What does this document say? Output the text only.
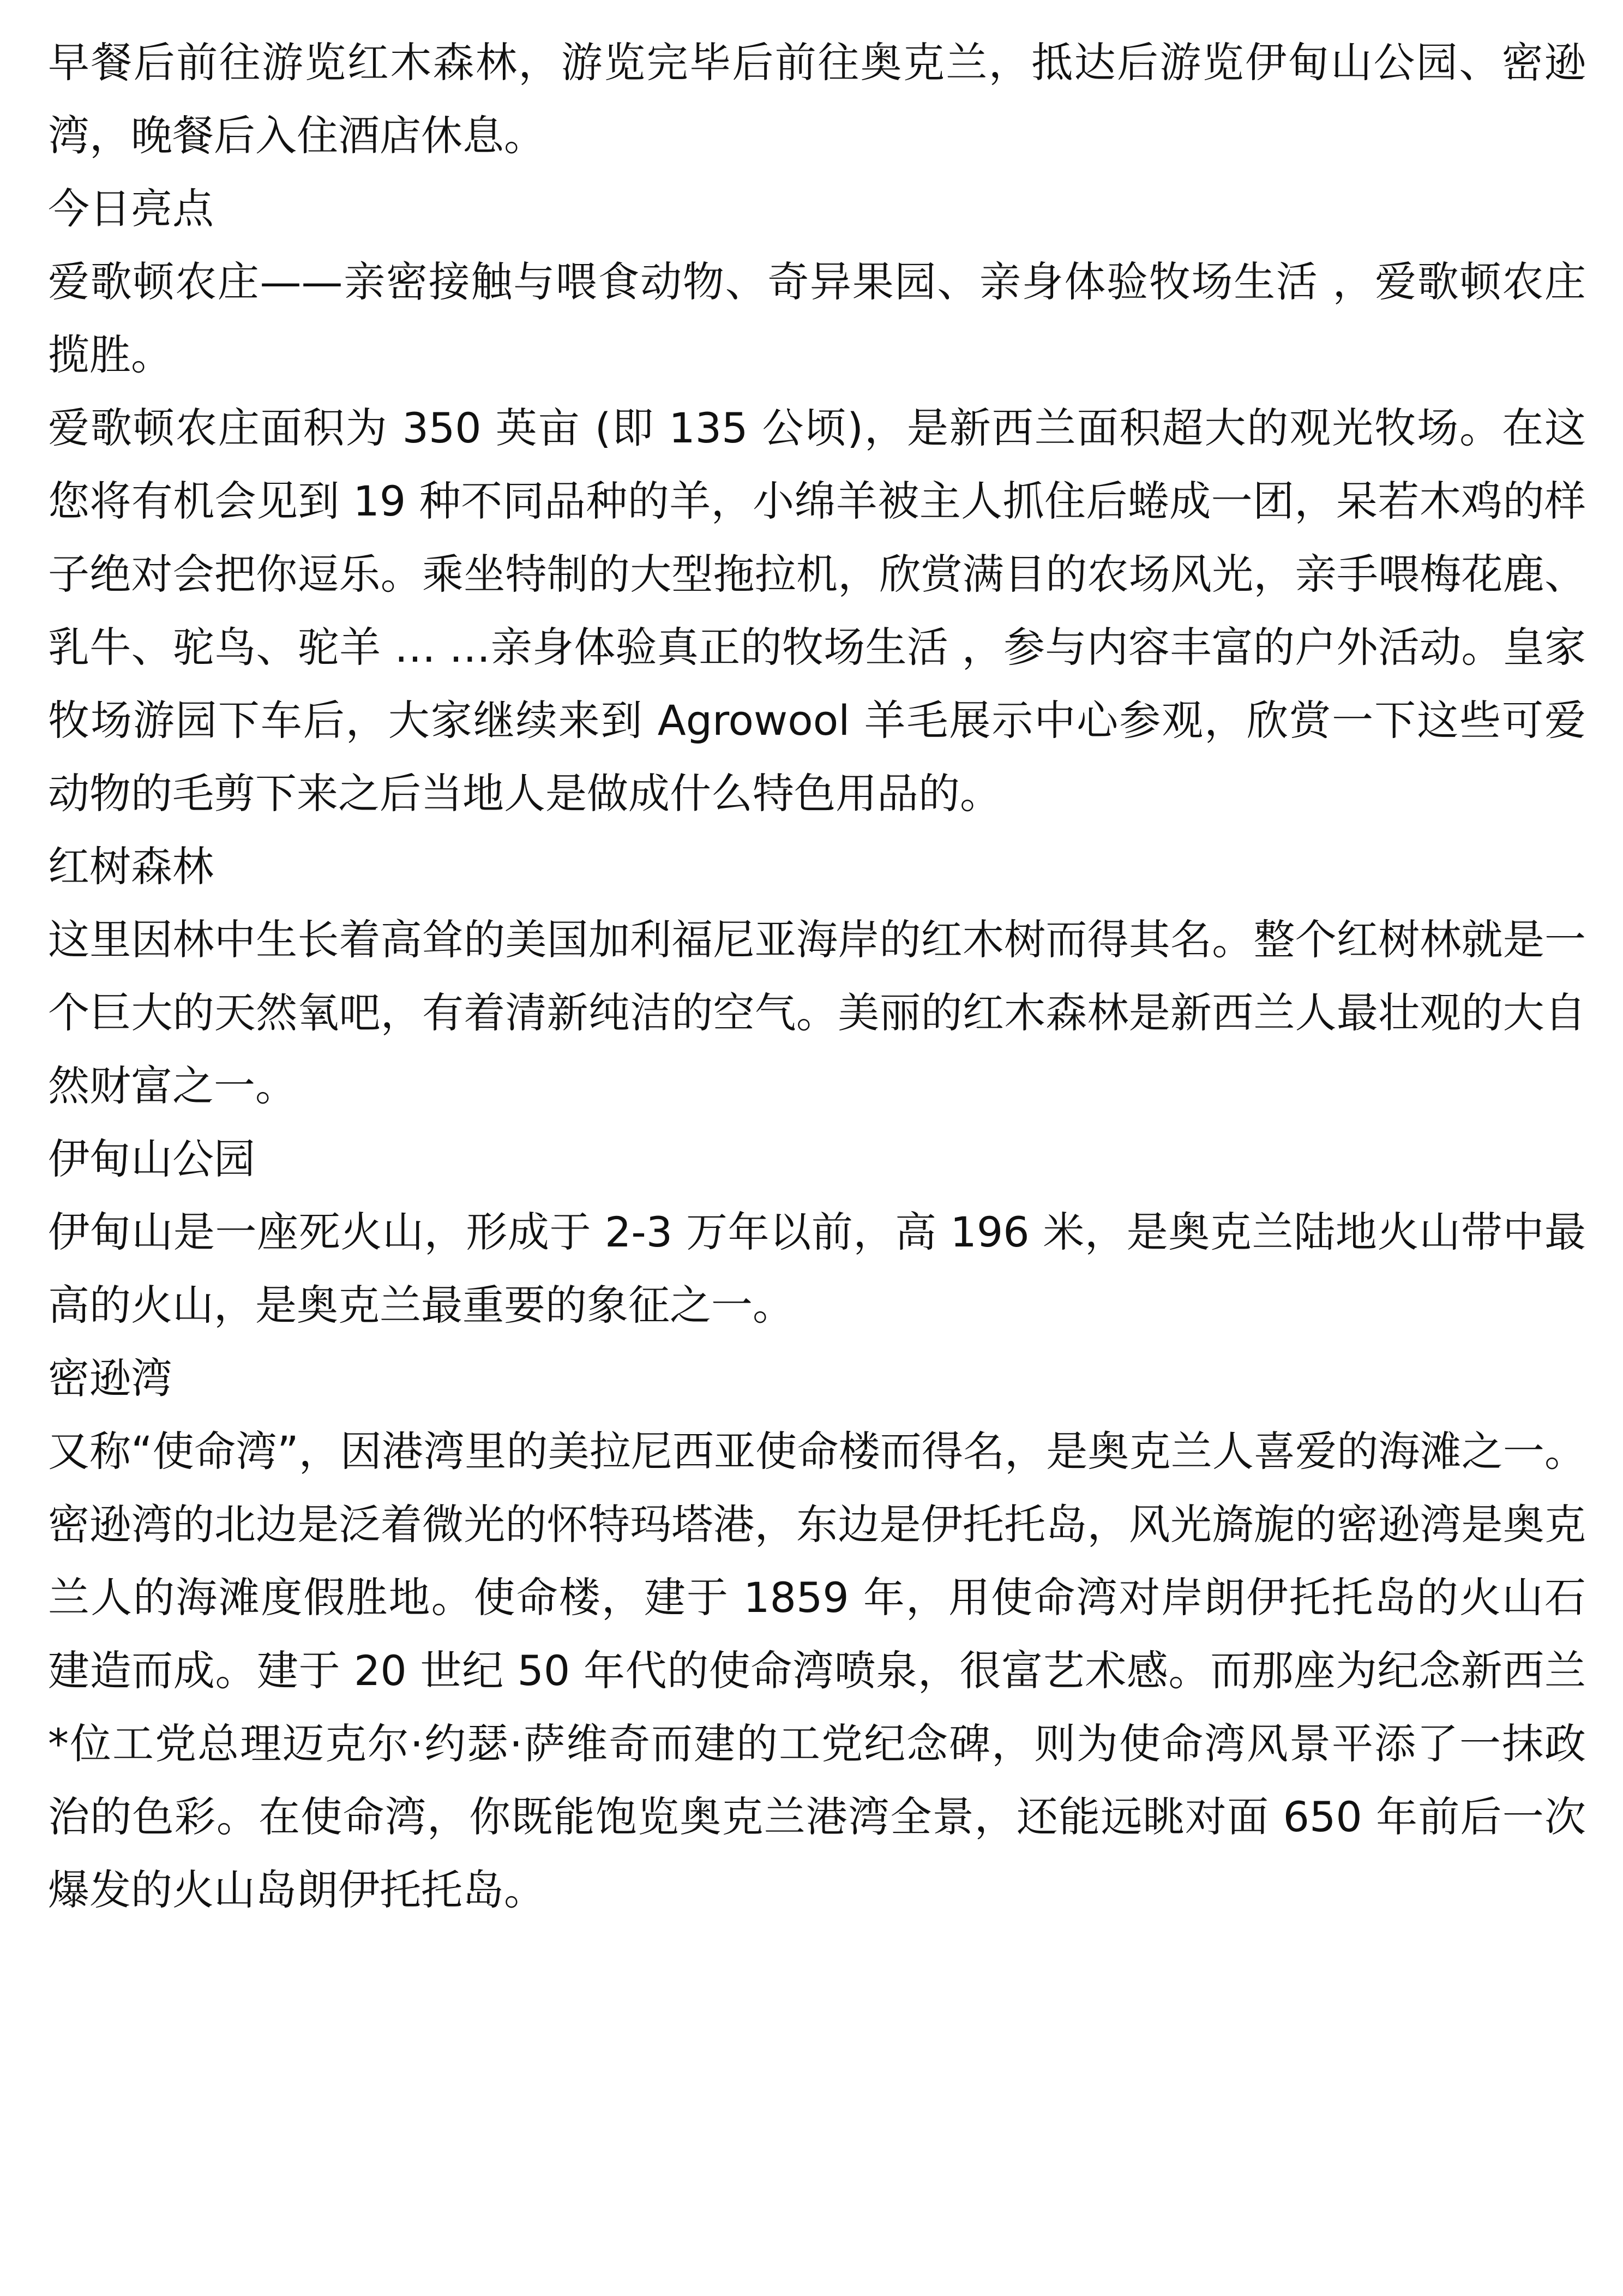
早餐后前往游览红木森林，游览完毕后前往奥克兰，抵达后游览伊甸山公园、密逊湾，晚餐后入住酒店休息。

今日亮点

爱歌顿农庄——亲密接触与喂食动物、奇异果园、亲身体验牧场生活 ，爱歌顿农庄揽胜。

爱歌顿农庄面积为 350 英亩 (即 135 公顷)，是新西兰面积超大的观光牧场。在这您将有机会见到 19 种不同品种的羊，小绵羊被主人抓住后蜷成一团，呆若木鸡的样子绝对会把你逗乐。乘坐特制的大型拖拉机，欣赏满目的农场风光，亲手喂梅花鹿、乳牛、驼鸟、驼羊 … …亲身体验真正的牧场生活 ，参与内容丰富的户外活动。皇家牧场游园下车后，大家继续来到 Agrowool 羊毛展示中心参观，欣赏一下这些可爱动物的毛剪下来之后当地人是做成什么特色用品的。

红树森林

这里因林中生长着高耸的美国加利福尼亚海岸的红木树而得其名。整个红树林就是一个巨大的天然氧吧，有着清新纯洁的空气。美丽的红木森林是新西兰人最壮观的大自然财富之一。

伊甸山公园

伊甸山是一座死火山，形成于 2-3 万年以前，高 196 米，是奥克兰陆地火山带中最高的火山，是奥克兰最重要的象征之一。

密逊湾

又称“使命湾”，因港湾里的美拉尼西亚使命楼而得名，是奥克兰人喜爱的海滩之一。密逊湾的北边是泛着微光的怀特玛塔港，东边是伊托托岛，风光旖旎的密逊湾是奥克兰人的海滩度假胜地。使命楼，建于 1859 年，用使命湾对岸朗伊托托岛的火山石建造而成。建于 20 世纪 50 年代的使命湾喷泉，很富艺术感。而那座为纪念新西兰*位工党总理迈克尔·约瑟·萨维奇而建的工党纪念碑，则为使命湾风景平添了一抹政治的色彩。在使命湾，你既能饱览奥克兰港湾全景，还能远眺对面 650 年前后一次爆发的火山岛朗伊托托岛。
